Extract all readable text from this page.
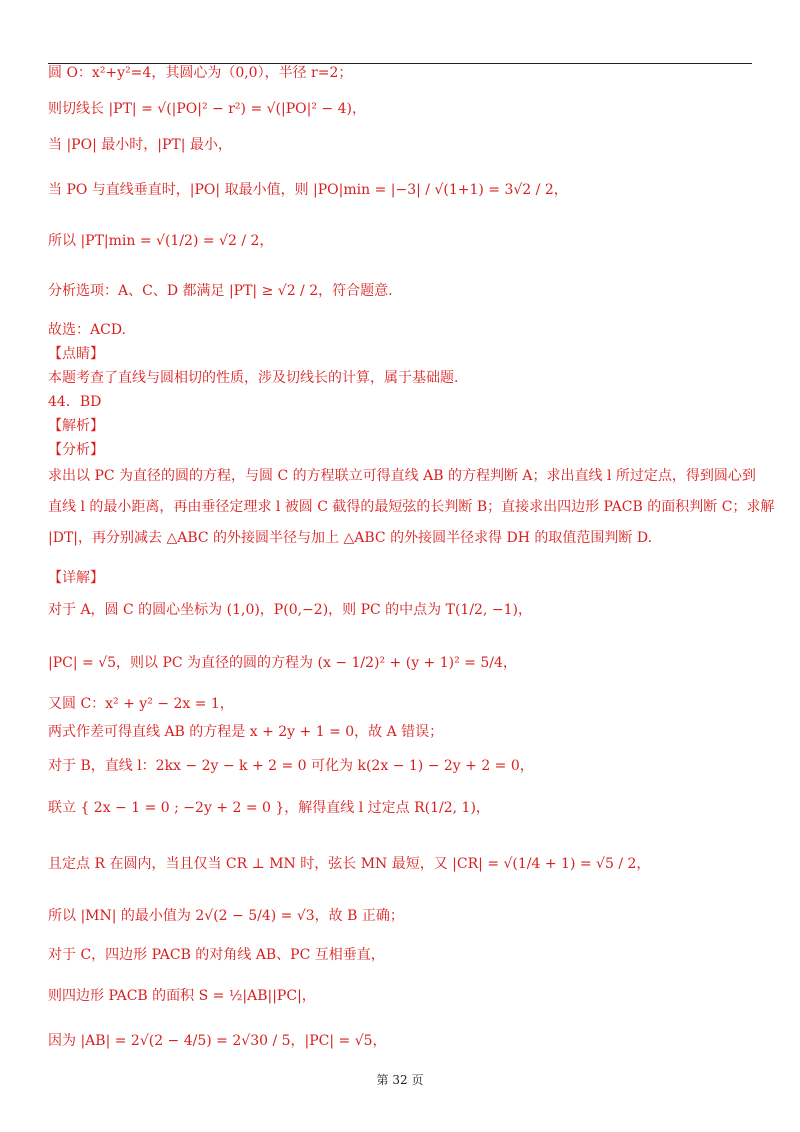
圆 O：x²+y²=4，其圆心为（0,0），半径 r=2；
则切线长 |PT| = √(|PO|² − r²) = √(|PO|² − 4)，
当 |PO| 最小时，|PT| 最小，
当 PO 与直线垂直时，|PO| 取最小值，则 |PO|min = |−3| / √(1+1) = 3√2 / 2，
所以 |PT|min = √(1/2) = √2 / 2，
分析选项：A、C、D 都满足 |PT| ≥ √2 / 2，符合题意.
故选：ACD.
【点睛】
本题考查了直线与圆相切的性质，涉及切线长的计算，属于基础题.
44．BD
【解析】
【分析】
求出以 PC 为直径的圆的方程，与圆 C 的方程联立可得直线 AB 的方程判断 A；求出直线 l 所过定点，得到圆心到
直线 l 的最小距离，再由垂径定理求 l 被圆 C 截得的最短弦的长判断 B；直接求出四边形 PACB 的面积判断 C；求解
|DT|，再分别减去 △ABC 的外接圆半径与加上 △ABC 的外接圆半径求得 DH 的取值范围判断 D.
【详解】
对于 A，圆 C 的圆心坐标为 (1,0)，P(0,−2)，则 PC 的中点为 T(1/2, −1)，
|PC| = √5，则以 PC 为直径的圆的方程为 (x − 1/2)² + (y + 1)² = 5/4，
又圆 C：x² + y² − 2x = 1，
两式作差可得直线 AB 的方程是 x + 2y + 1 = 0，故 A 错误；
对于 B，直线 l：2kx − 2y − k + 2 = 0 可化为 k(2x − 1) − 2y + 2 = 0，
联立 { 2x − 1 = 0 ; −2y + 2 = 0 }，解得直线 l 过定点 R(1/2, 1)，
且定点 R 在圆内，当且仅当 CR ⊥ MN 时，弦长 MN 最短，又 |CR| = √(1/4 + 1) = √5 / 2，
所以 |MN| 的最小值为 2√(2 − 5/4) = √3，故 B 正确；
对于 C，四边形 PACB 的对角线 AB、PC 互相垂直，
则四边形 PACB 的面积 S = ½|AB||PC|，
因为 |AB| = 2√(2 − 4/5) = 2√30 / 5，|PC| = √5，
第 32 页
